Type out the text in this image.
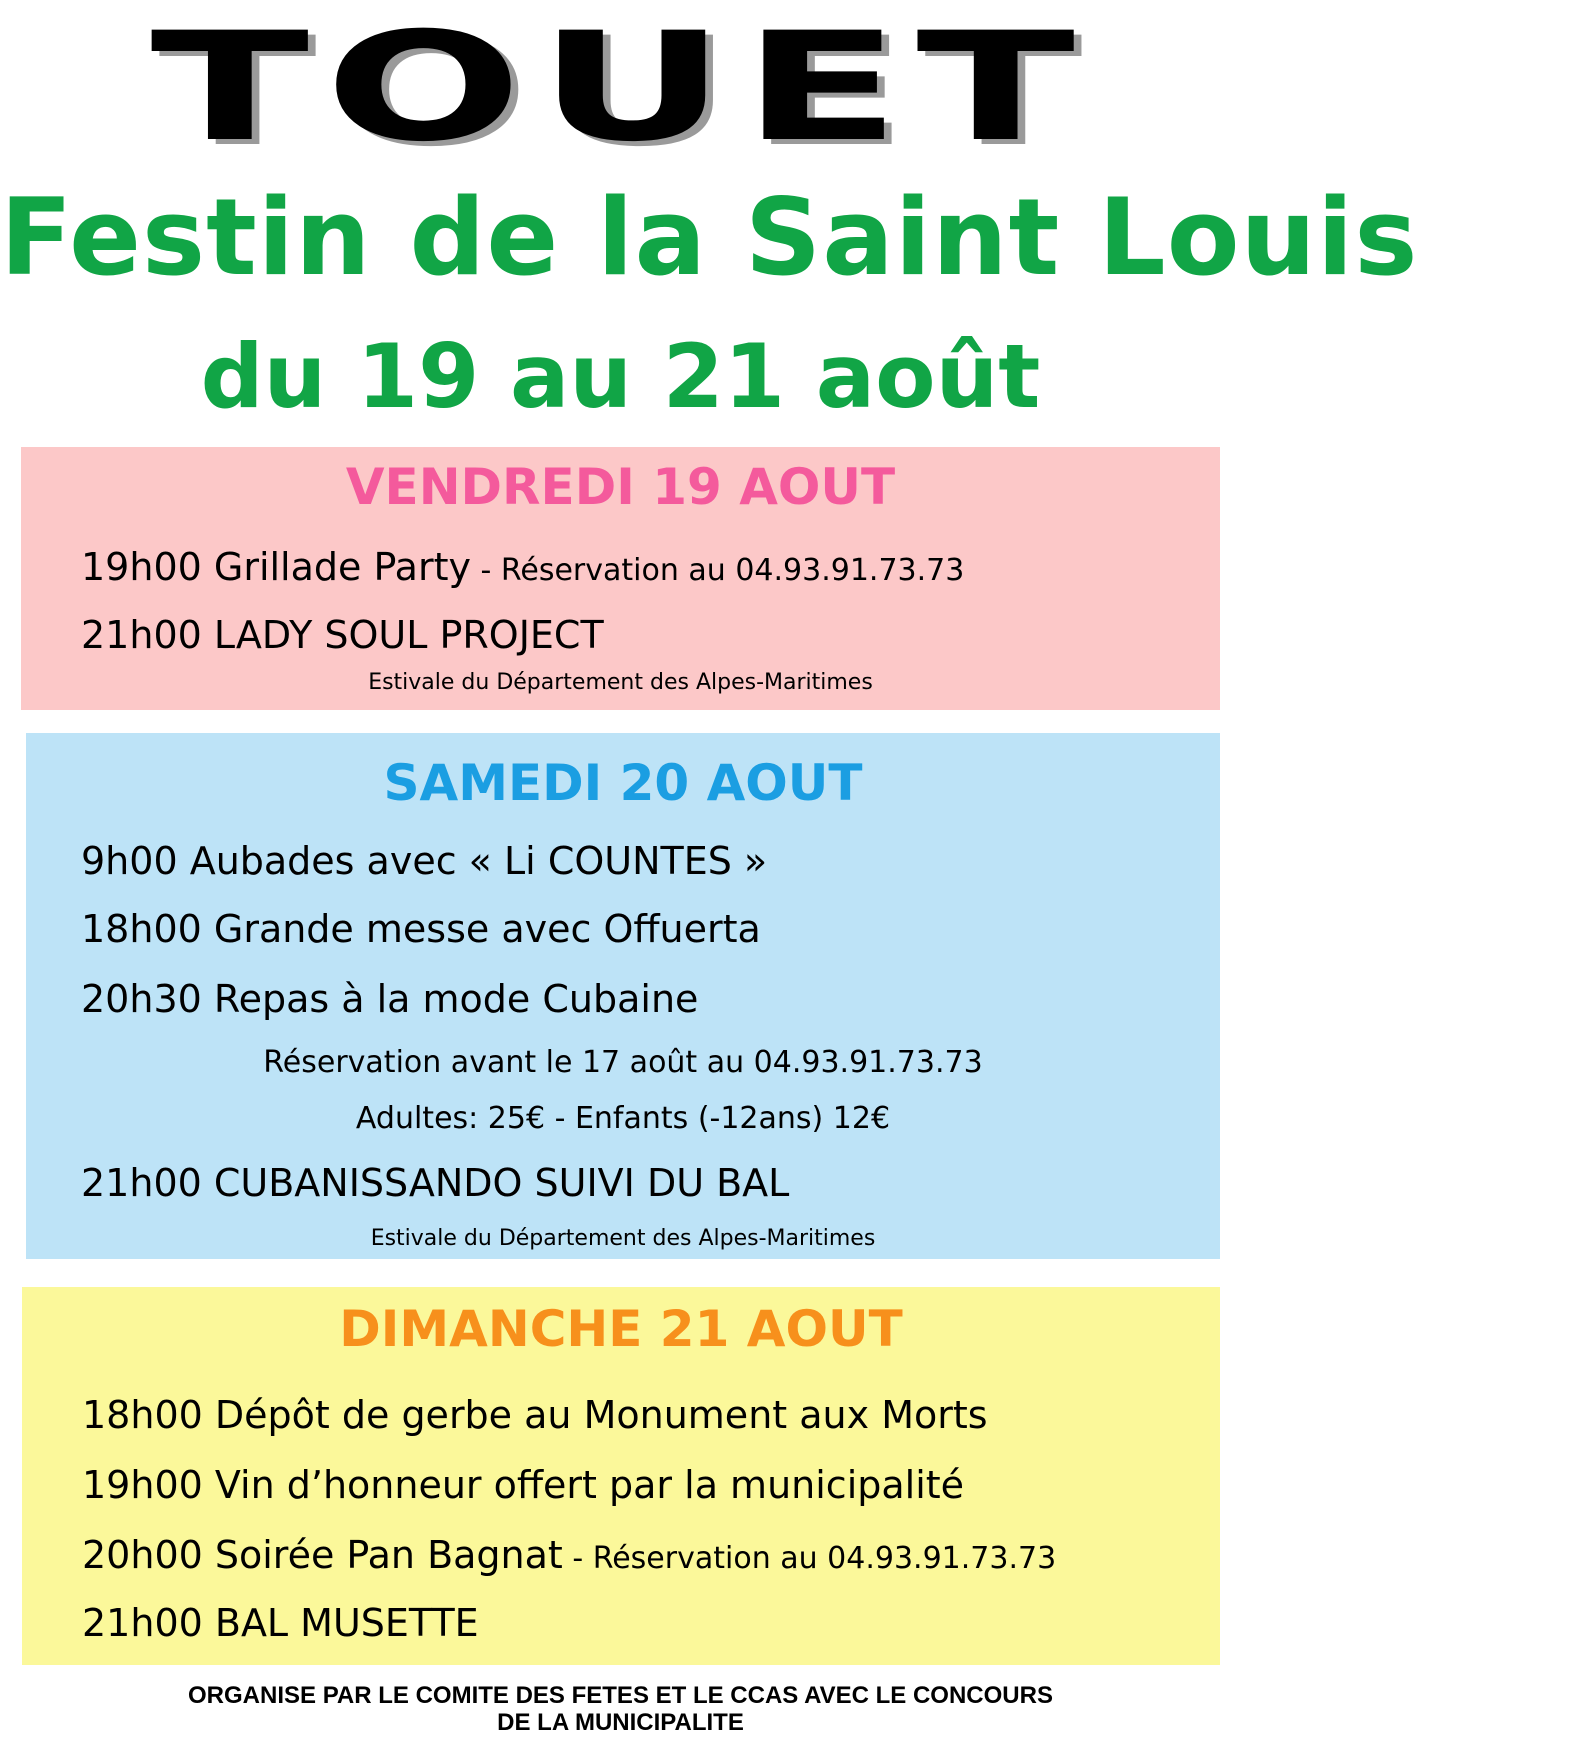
TOUET
Festin de la Saint Louis
du 19 au 21 août
VENDREDI 19 AOUT
19h00 Grillade Party - Réservation au 04.93.91.73.73
21h00 LADY SOUL PROJECT
Estivale du Département des Alpes-Maritimes
SAMEDI 20 AOUT
9h00 Aubades avec « Li COUNTES »
18h00 Grande messe avec Offuerta
20h30 Repas à la mode Cubaine
Réservation avant le 17 août au 04.93.91.73.73
Adultes: 25€ - Enfants (-12ans) 12€
21h00 CUBANISSANDO SUIVI DU BAL
Estivale du Département des Alpes-Maritimes
DIMANCHE 21 AOUT
18h00 Dépôt de gerbe au Monument aux Morts
19h00 Vin d’honneur offert par la municipalité
20h00 Soirée Pan Bagnat - Réservation au 04.93.91.73.73
21h00 BAL MUSETTE
ORGANISE PAR LE COMITE DES FETES ET LE CCAS AVEC LE CONCOURS
DE LA MUNICIPALITE
